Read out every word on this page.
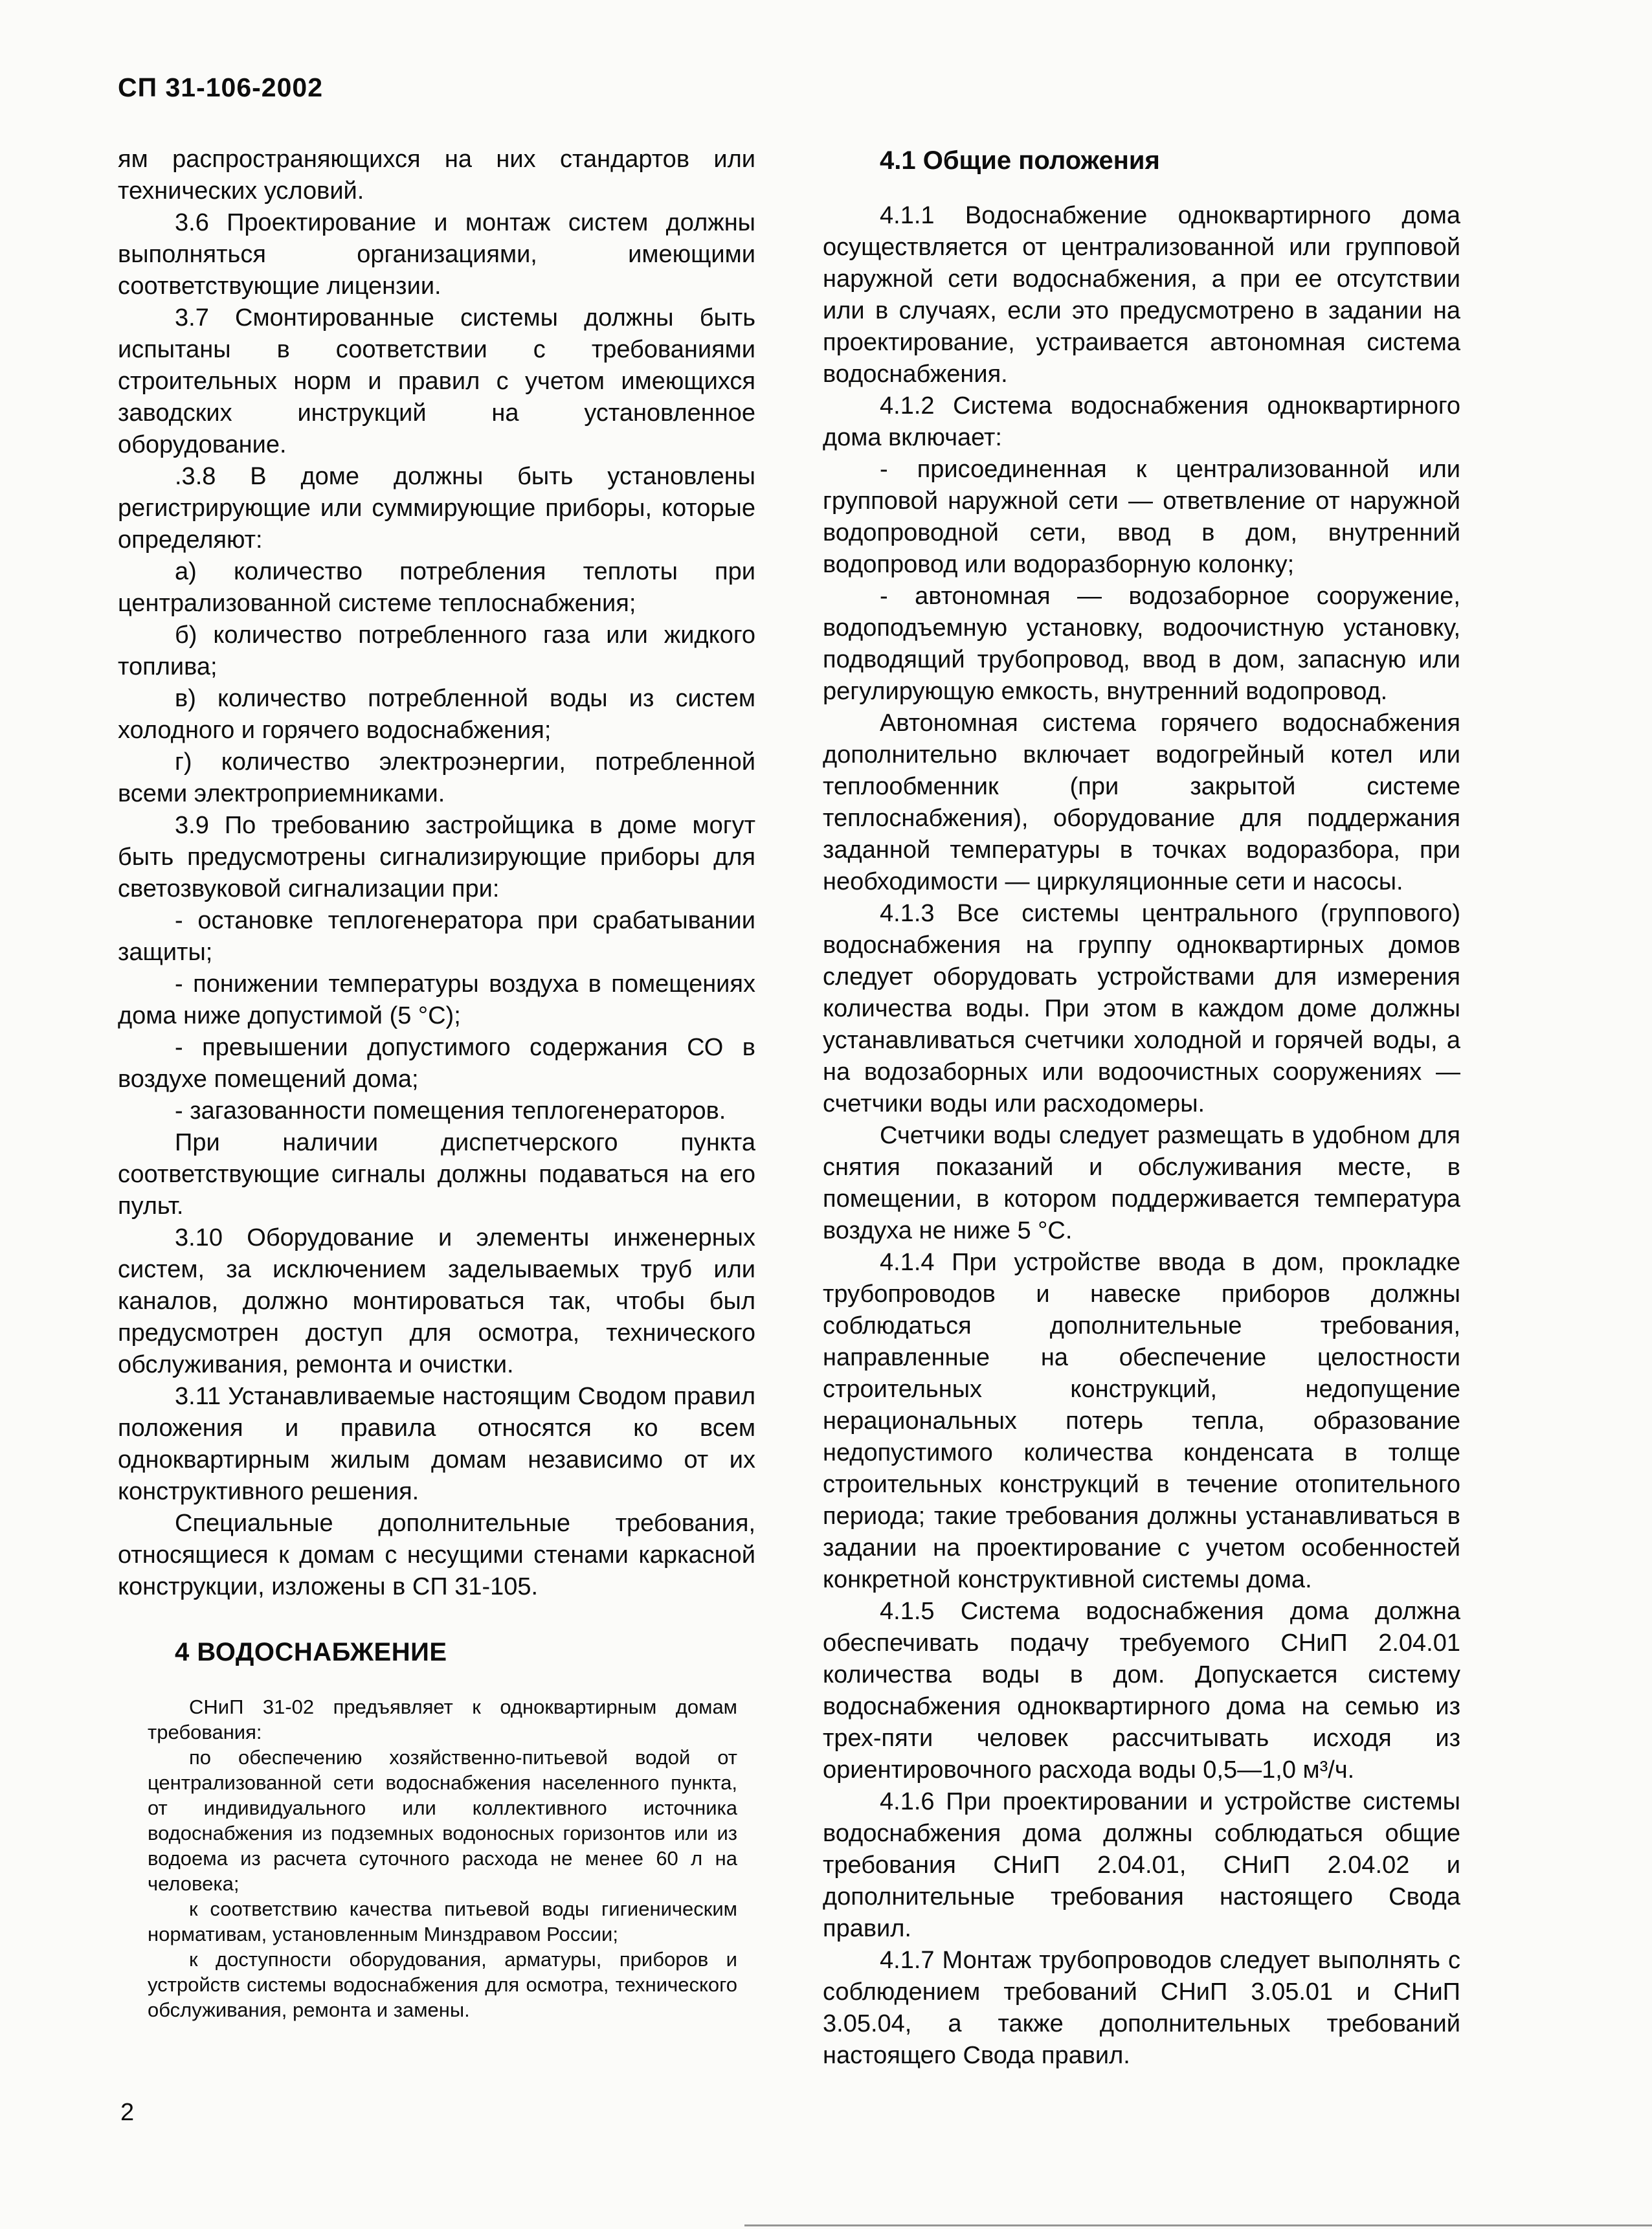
СП 31-106-2002

ям распространяющихся на них стандартов или технических условий.

3.6 Проектирование и монтаж систем должны выполняться организациями, имеющими соответствующие лицензии.

3.7 Смонтированные системы должны быть испытаны в соответствии с требованиями строительных норм и правил с учетом имеющихся заводских инструкций на установленное оборудование.

.3.8 В доме должны быть установлены регистрирующие или суммирующие приборы, которые определяют:

а) количество потребления теплоты при централизованной системе теплоснабжения;

б) количество потребленного газа или жидкого топлива;

в) количество потребленной воды из систем холодного и горячего водоснабжения;

г) количество электроэнергии, потребленной всеми электроприемниками.

3.9 По требованию застройщика в доме могут быть предусмотрены сигнализирующие приборы для светозвуковой сигнализации при:

- остановке теплогенератора при срабатывании защиты;

- понижении температуры воздуха в помещениях дома ниже допустимой (5 °С);

- превышении допустимого содержания СО в воздухе помещений дома;

- загазованности помещения теплогенераторов.

При наличии диспетчерского пункта соответствующие сигналы должны подаваться на его пульт.

3.10 Оборудование и элементы инженерных систем, за исключением заделываемых труб или каналов, должно монтироваться так, чтобы был предусмотрен доступ для осмотра, технического обслуживания, ремонта и очистки.

3.11 Устанавливаемые настоящим Сводом правил положения и правила относятся ко всем одноквартирным жилым домам независимо от их конструктивного решения.

Специальные дополнительные требования, относящиеся к домам с несущими стенами каркасной конструкции, изложены в СП 31-105.

4 ВОДОСНАБЖЕНИЕ

СНиП 31-02 предъявляет к одноквартирным домам требования:

по обеспечению хозяйственно-питьевой водой от централизованной сети водоснабжения населенного пункта, от индивидуального или коллективного источника водоснабжения из подземных водоносных горизонтов или из водоема из расчета суточного расхода не менее 60 л на человека;

к соответствию качества питьевой воды гигиеническим нормативам, установленным Минздравом России;

к доступности оборудования, арматуры, приборов и устройств системы водоснабжения для осмотра, технического обслуживания, ремонта и замены.

4.1 Общие положения

4.1.1 Водоснабжение одноквартирного дома осуществляется от централизованной или групповой наружной сети водоснабжения, а при ее отсутствии или в случаях, если это предусмотрено в задании на проектирование, устраивается автономная система водоснабжения.

4.1.2 Система водоснабжения одноквартирного дома включает:

- присоединенная к централизованной или групповой наружной сети — ответвление от наружной водопроводной сети, ввод в дом, внутренний водопровод или водоразборную колонку;

- автономная — водозаборное сооружение, водоподъемную установку, водоочистную установку, подводящий трубопровод, ввод в дом, запасную или регулирующую емкость, внутренний водопровод.

Автономная система горячего водоснабжения дополнительно включает водогрейный котел или теплообменник (при закрытой системе теплоснабжения), оборудование для поддержания заданной температуры в точках водоразбора, при необходимости — циркуляционные сети и насосы.

4.1.3 Все системы центрального (группового) водоснабжения на группу одноквартирных домов следует оборудовать устройствами для измерения количества воды. При этом в каждом доме должны устанавливаться счетчики холодной и горячей воды, а на водозаборных или водоочистных сооружениях — счетчики воды или расходомеры.

Счетчики воды следует размещать в удобном для снятия показаний и обслуживания месте, в помещении, в котором поддерживается температура воздуха не ниже 5 °С.

4.1.4 При устройстве ввода в дом, прокладке трубопроводов и навеске приборов должны соблюдаться дополнительные требования, направленные на обеспечение целостности строительных конструкций, недопущение нерациональных потерь тепла, образование недопустимого количества конденсата в толще строительных конструкций в течение отопительного периода; такие требования должны устанавливаться в задании на проектирование с учетом особенностей конкретной конструктивной системы дома.

4.1.5 Система водоснабжения дома должна обеспечивать подачу требуемого СНиП 2.04.01 количества воды в дом. Допускается систему водоснабжения одноквартирного дома на семью из трех-пяти человек рассчитывать исходя из ориентировочного расхода воды 0,5—1,0 м³/ч.

4.1.6 При проектировании и устройстве системы водоснабжения дома должны соблюдаться общие требования СНиП 2.04.01, СНиП 2.04.02 и дополнительные требования настоящего Свода правил.

4.1.7 Монтаж трубопроводов следует выполнять с соблюдением требований СНиП 3.05.01 и СНиП 3.05.04, а также дополнительных требований настоящего Свода правил.

2
